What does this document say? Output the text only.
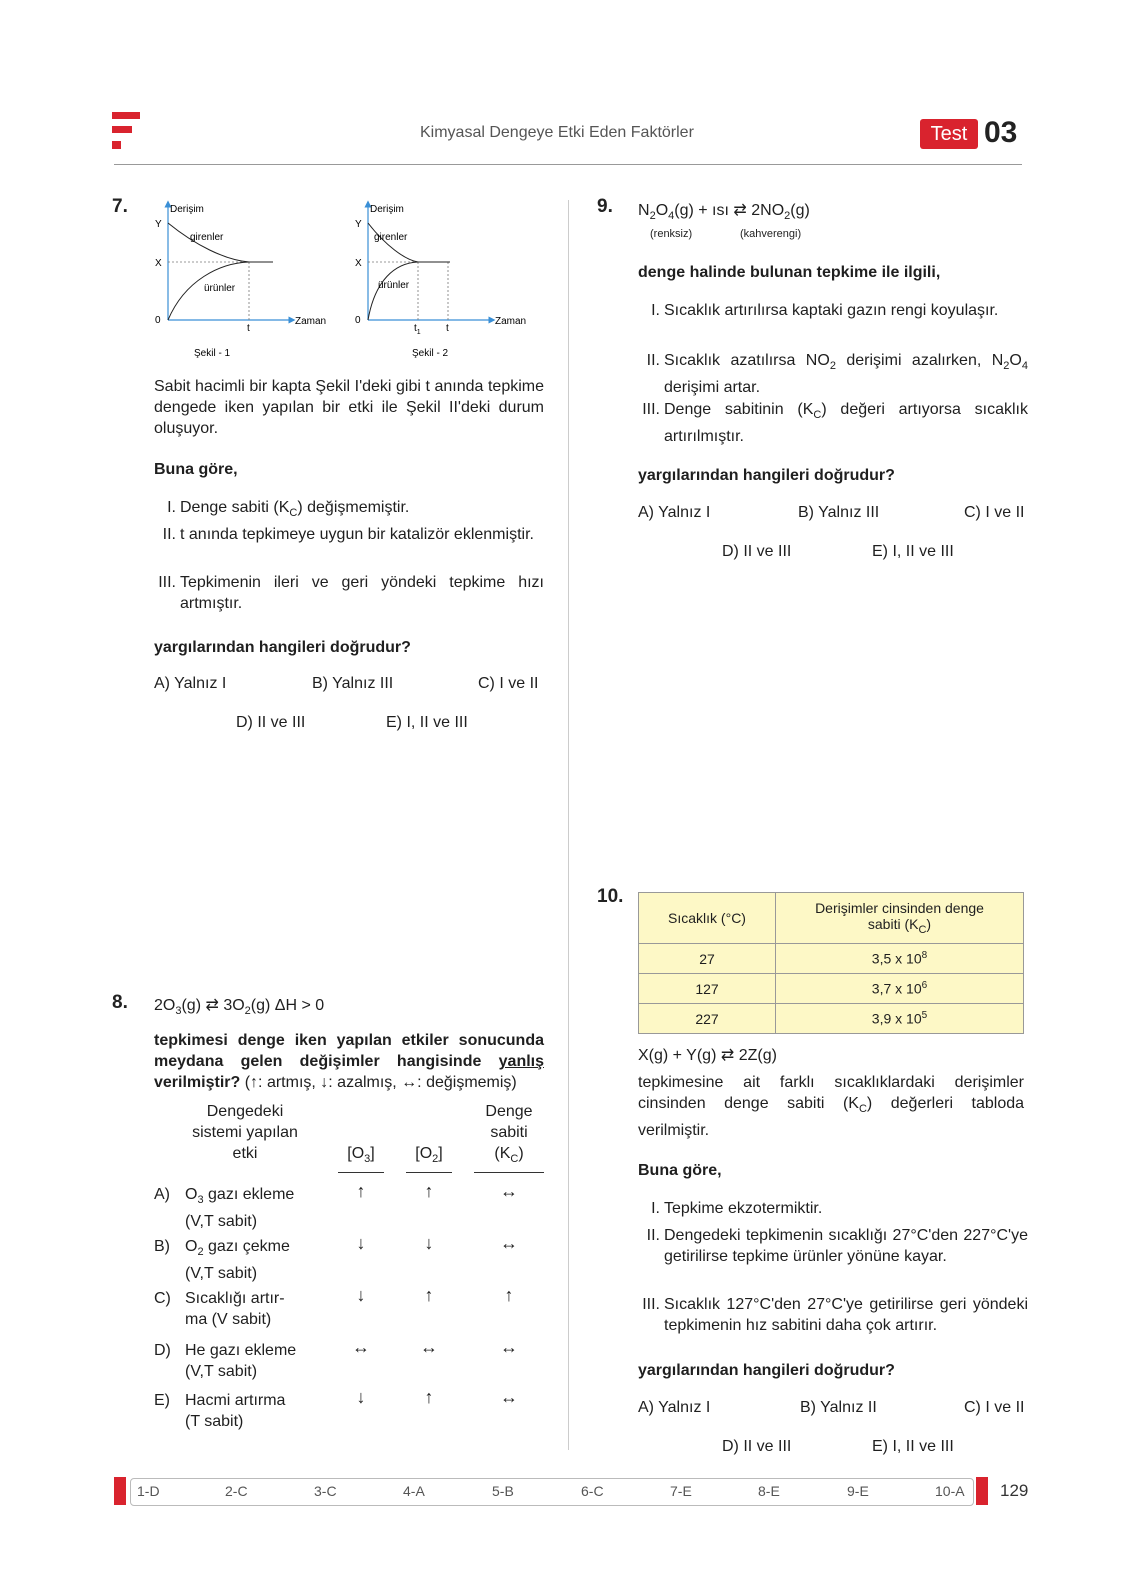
Kimyasal Dengeye Etki Eden Faktörler	Test 03
7.	Derişim
Y
X
0
girenler
ürünler
t
Zaman
Şekil - 1
Derişim
Y
X
0
girenler
ürünler
$t_1$	t
Zaman
Şekil - 2
Sabit hacimli bir kapta Şekil I'deki gibi t anında tepkime dengede iken yapılan bir etki ile Şekil II'deki durum oluşuyor.
Buna göre,
I. Denge sabiti $(K_C)$ değişmemiştir.
II. t anında tepkimeye uygun bir katalizör eklenmiştir.
III. Tepkimenin ileri ve geri yöndeki tepkime hızı artmıştır.
yargılarından hangileri doğrudur?
A) Yalnız I	B) Yalnız III	C) I ve II
D) II ve III	E) I, II ve III
8. $2O_3(g)$ ⇄ $3O_2(g) \Delta H > 0$
tepkimesi denge iken yapılan etkiler sonucunda meydana gelen değişimler hangisinde yanlış verilmiştir? (↑: artmış, ↓: azalmış, ↔: değişmemiş)
Dengedeki sistemi yapılan etki	$[O_3]$	$[O_2]$
Denge sabiti
$(K_C)$
A) $O_3$ gazı ekleme
(V,T sabit)
↑	↑	↔
B) $O_2$ gazı çekme
(V,T sabit)
↓	↓	↔
C) Sıcaklığı artır-
ma (V sabit)
↓	↑	↑
D) He gazı ekleme
(V,T sabit)
↔	↔	↔
E) Hacmi artırma
(T sabit)
↓	↑	↔
9. $N_2O_4(g)$ + ısı ⇄ $2NO_2(g)$
(renksiz)	(kahverengi)
denge halinde bulunan tepkime ile ilgili,
I. Sıcaklık artırılırsa kaptaki gazın rengi koyulaşır.
II. Sıcaklık azatılırsa $NO_2$ derişimi azalırken, $N_2O_4$ derişimi artar.
III. Denge sabitinin $(K_C)$ değeri artıyorsa sıcaklık artırılmıştır.
yargılarından hangileri doğrudur?
A) Yalnız I	B) Yalnız III	C) I ve II
D) II ve III	E) I, II ve III
10.
Sıcaklık (°C)	Derişimler cinsinden denge
sabiti $(K_C)$
27	3,5 x $10^8$
127	3,7 x $10^6$
227	3,9 x $10^5$
X(g) + Y(g) ⇄ 2Z(g)
tepkimesine ait farklı sıcaklıklardaki derişimler cinsinden denge sabiti $(K_C)$ değerleri tabloda verilmiştir.
Buna göre,
I. Tepkime ekzotermiktir.
II. Dengedeki tepkimenin sıcaklığı 27°C'den 227°C'ye getirilirse tepkime ürünler yönüne kayar.
III. Sıcaklık 127°C'den 27°C'ye getirilirse geri yöndeki tepkimenin hız sabitini daha çok artırır.
yargılarından hangileri doğrudur?
A) Yalnız I	B) Yalnız II	C) I ve II
D) II ve III	E) I, II ve III
1-D	2-C	3-C	4-A	5-B	6-C	7-E	8-E	9-E	10-A 129
